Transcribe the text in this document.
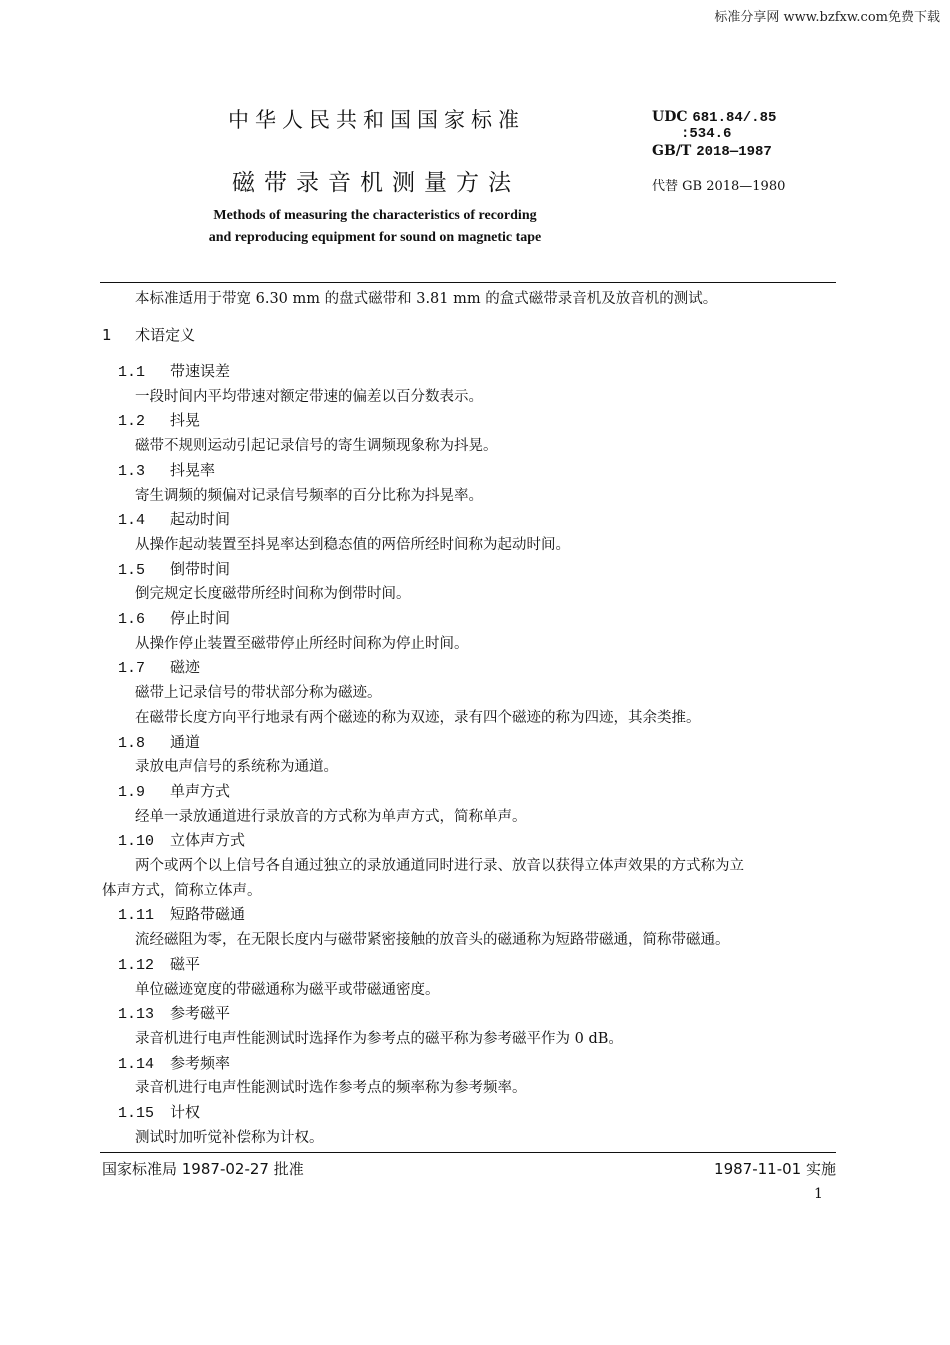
标准分享网 www.bzfxw.com免费下载
中华人民共和国国家标准
磁带录音机测量方法
Methods of measuring the characteristics of recording
and reproducing equipment for sound on magnetic tape
UDC 681.84/.85
:534.6
GB/T 2018—1987
代替 GB 2018—1980
本标准适用于带宽 6.30 mm 的盘式磁带和 3.81 mm 的盒式磁带录音机及放音机的测试。
1 术语定义
1.1 带速误差
一段时间内平均带速对额定带速的偏差以百分数表示。
1.2 抖晃
磁带不规则运动引起记录信号的寄生调频现象称为抖晃。
1.3 抖晃率
寄生调频的频偏对记录信号频率的百分比称为抖晃率。
1.4 起动时间
从操作起动装置至抖晃率达到稳态值的两倍所经时间称为起动时间。
1.5 倒带时间
倒完规定长度磁带所经时间称为倒带时间。
1.6 停止时间
从操作停止装置至磁带停止所经时间称为停止时间。
1.7 磁迹
磁带上记录信号的带状部分称为磁迹。
在磁带长度方向平行地录有两个磁迹的称为双迹，录有四个磁迹的称为四迹，其余类推。
1.8 通道
录放电声信号的系统称为通道。
1.9 单声方式
经单一录放通道进行录放音的方式称为单声方式，简称单声。
1.10 立体声方式
两个或两个以上信号各自通过独立的录放通道同时进行录、放音以获得立体声效果的方式称为立
体声方式，简称立体声。
1.11 短路带磁通
流经磁阻为零，在无限长度内与磁带紧密接触的放音头的磁通称为短路带磁通，简称带磁通。
1.12 磁平
单位磁迹宽度的带磁通称为磁平或带磁通密度。
1.13 参考磁平
录音机进行电声性能测试时选择作为参考点的磁平称为参考磁平作为 0 dB。
1.14 参考频率
录音机进行电声性能测试时选作参考点的频率称为参考频率。
1.15 计权
测试时加听觉补偿称为计权。
国家标准局 1987-02-27 批准	1987-11-01 实施
1
